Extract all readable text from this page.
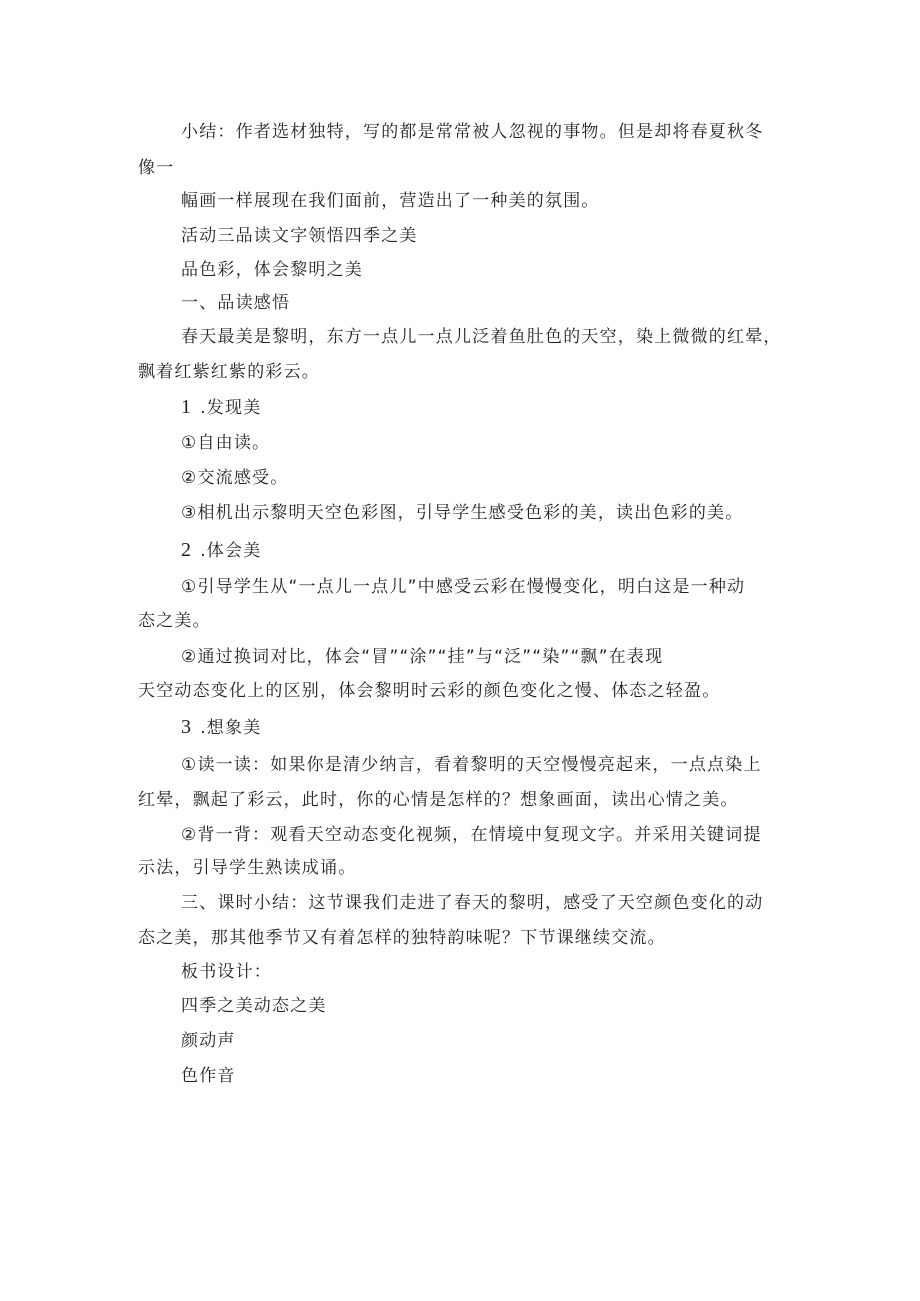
小结：作者选材独特，写的都是常常被人忽视的事物。但是却将春夏秋冬
像一
幅画一样展现在我们面前，营造出了一种美的氛围。
活动三品读文字领悟四季之美
品色彩，体会黎明之美
一、品读感悟
春天最美是黎明，东方一点儿一点儿泛着鱼肚色的天空，染上微微的红晕，
飘着红紫红紫的彩云。
1 .发现美
①自由读。
②交流感受。
③相机出示黎明天空色彩图，引导学生感受色彩的美，读出色彩的美。
2 .体会美
①引导学生从“一点儿一点儿”中感受云彩在慢慢变化，明白这是一种动
态之美。
②通过换词对比，体会“冒”“涂”“挂”与“泛”“染”“飘”在表现
天空动态变化上的区别，体会黎明时云彩的颜色变化之慢、体态之轻盈。
3 .想象美
①读一读：如果你是清少纳言，看着黎明的天空慢慢亮起来，一点点染上
红晕，飘起了彩云，此时，你的心情是怎样的？想象画面，读出心情之美。
②背一背：观看天空动态变化视频，在情境中复现文字。并采用关键词提
示法，引导学生熟读成诵。
三、课时小结：这节课我们走进了春天的黎明，感受了天空颜色变化的动
态之美，那其他季节又有着怎样的独特韵味呢？下节课继续交流。
板书设计：
四季之美动态之美
颜动声
色作音
